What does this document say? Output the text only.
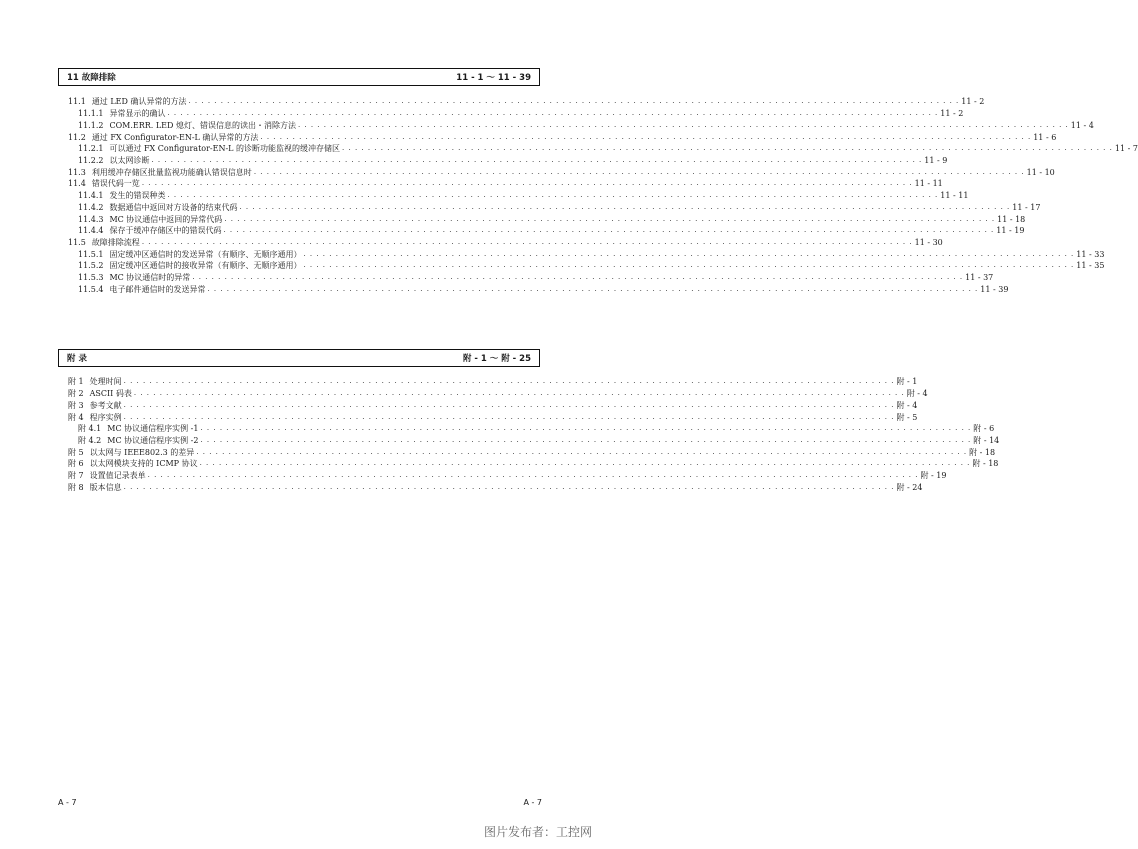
11 故障排除	11 - 1 ～ 11 - 39
11.1 通过 LED 确认异常的方法 . . . . . . . . . . . . . . . . . . . . . . . . . . . . . . . . . . . . . . . . . . . . . . . . . . . . . . . . . . . . . . . . . . . . . . . . . . . . . . . . . . . . . . . . . . . . . . . . . . . . . . . . . . . . . . . . . . . . . . . . 11 - 2
11.1.1 异常显示的确认 . . . . . . . . . . . . . . . . . . . . . . . . . . . . . . . . . . . . . . . . . . . . . . . . . . . . . . . . . . . . . . . . . . . . . . . . . . . . . . . . . . . . . . . . . . . . . . . . . . . . . . . . . . . . . . . . . . . . . . . . 11 - 2
11.1.2 COM.ERR. LED 熄灯、错误信息的读出・消除方法 . . . . . . . . . . . . . . . . . . . . . . . . . . . . . . . . . . . . . . . . . . . . . . . . . . . . . . . . . . . . . . . . . . . . . . . . . . . . . . . . . . . . . . . . . . . . . . . . . . . . . . . . . . . . . . . . . . . . . . . . 11 - 4
11.2 通过 FX Configurator-EN-L 确认异常的方法 . . . . . . . . . . . . . . . . . . . . . . . . . . . . . . . . . . . . . . . . . . . . . . . . . . . . . . . . . . . . . . . . . . . . . . . . . . . . . . . . . . . . . . . . . . . . . . . . . . . . . . . . . . . . . . . . . . . . . . . . 11 - 6
11.2.1 可以通过 FX Configurator-EN-L 的诊断功能监视的缓冲存储区 . . . . . . . . . . . . . . . . . . . . . . . . . . . . . . . . . . . . . . . . . . . . . . . . . . . . . . . . . . . . . . . . . . . . . . . . . . . . . . . . . . . . . . . . . . . . . . . . . . . . . . . . . . . . . . . . . . . . . . . . 11 - 7
11.2.2 以太网诊断 . . . . . . . . . . . . . . . . . . . . . . . . . . . . . . . . . . . . . . . . . . . . . . . . . . . . . . . . . . . . . . . . . . . . . . . . . . . . . . . . . . . . . . . . . . . . . . . . . . . . . . . . . . . . . . . . . . . . . . . . 11 - 9
11.3 利用缓冲存储区批量监视功能确认错误信息时 . . . . . . . . . . . . . . . . . . . . . . . . . . . . . . . . . . . . . . . . . . . . . . . . . . . . . . . . . . . . . . . . . . . . . . . . . . . . . . . . . . . . . . . . . . . . . . . . . . . . . . . . . . . . . . . . . . . . . . . . 11 - 10
11.4 错误代码一览 . . . . . . . . . . . . . . . . . . . . . . . . . . . . . . . . . . . . . . . . . . . . . . . . . . . . . . . . . . . . . . . . . . . . . . . . . . . . . . . . . . . . . . . . . . . . . . . . . . . . . . . . . . . . . . . . . . . . . . . . 11 - 11
11.4.1 发生的错误种类 . . . . . . . . . . . . . . . . . . . . . . . . . . . . . . . . . . . . . . . . . . . . . . . . . . . . . . . . . . . . . . . . . . . . . . . . . . . . . . . . . . . . . . . . . . . . . . . . . . . . . . . . . . . . . . . . . . . . . . . . 11 - 11
11.4.2 数据通信中返回对方设备的结束代码 . . . . . . . . . . . . . . . . . . . . . . . . . . . . . . . . . . . . . . . . . . . . . . . . . . . . . . . . . . . . . . . . . . . . . . . . . . . . . . . . . . . . . . . . . . . . . . . . . . . . . . . . . . . . . . . . . . . . . . . . 11 - 17
11.4.3 MC 协议通信中返回的异常代码 . . . . . . . . . . . . . . . . . . . . . . . . . . . . . . . . . . . . . . . . . . . . . . . . . . . . . . . . . . . . . . . . . . . . . . . . . . . . . . . . . . . . . . . . . . . . . . . . . . . . . . . . . . . . . . . . . . . . . . . . 11 - 18
11.4.4 保存于缓冲存储区中的错误代码 . . . . . . . . . . . . . . . . . . . . . . . . . . . . . . . . . . . . . . . . . . . . . . . . . . . . . . . . . . . . . . . . . . . . . . . . . . . . . . . . . . . . . . . . . . . . . . . . . . . . . . . . . . . . . . . . . . . . . . . . 11 - 19
11.5 故障排除流程 . . . . . . . . . . . . . . . . . . . . . . . . . . . . . . . . . . . . . . . . . . . . . . . . . . . . . . . . . . . . . . . . . . . . . . . . . . . . . . . . . . . . . . . . . . . . . . . . . . . . . . . . . . . . . . . . . . . . . . . . 11 - 30
11.5.1 固定缓冲区通信时的发送异常（有顺序、无顺序通用） . . . . . . . . . . . . . . . . . . . . . . . . . . . . . . . . . . . . . . . . . . . . . . . . . . . . . . . . . . . . . . . . . . . . . . . . . . . . . . . . . . . . . . . . . . . . . . . . . . . . . . . . . . . . . . . . . . . . . . . . 11 - 33
11.5.2 固定缓冲区通信时的接收异常（有顺序、无顺序通用） . . . . . . . . . . . . . . . . . . . . . . . . . . . . . . . . . . . . . . . . . . . . . . . . . . . . . . . . . . . . . . . . . . . . . . . . . . . . . . . . . . . . . . . . . . . . . . . . . . . . . . . . . . . . . . . . . . . . . . . . 11 - 35
11.5.3 MC 协议通信时的异常 . . . . . . . . . . . . . . . . . . . . . . . . . . . . . . . . . . . . . . . . . . . . . . . . . . . . . . . . . . . . . . . . . . . . . . . . . . . . . . . . . . . . . . . . . . . . . . . . . . . . . . . . . . . . . . . . . . . . . . . . 11 - 37
11.5.4 电子邮件通信时的发送异常 . . . . . . . . . . . . . . . . . . . . . . . . . . . . . . . . . . . . . . . . . . . . . . . . . . . . . . . . . . . . . . . . . . . . . . . . . . . . . . . . . . . . . . . . . . . . . . . . . . . . . . . . . . . . . . . . . . . . . . . . 11 - 39
附 录	附 - 1 ～ 附 - 25
附 1 处理时间 . . . . . . . . . . . . . . . . . . . . . . . . . . . . . . . . . . . . . . . . . . . . . . . . . . . . . . . . . . . . . . . . . . . . . . . . . . . . . . . . . . . . . . . . . . . . . . . . . . . . . . . . . . . . . . . . . . . . . . . . 附 - 1
附 2 ASCII 码表 . . . . . . . . . . . . . . . . . . . . . . . . . . . . . . . . . . . . . . . . . . . . . . . . . . . . . . . . . . . . . . . . . . . . . . . . . . . . . . . . . . . . . . . . . . . . . . . . . . . . . . . . . . . . . . . . . . . . . . . . 附 - 4
附 3 参考文献 . . . . . . . . . . . . . . . . . . . . . . . . . . . . . . . . . . . . . . . . . . . . . . . . . . . . . . . . . . . . . . . . . . . . . . . . . . . . . . . . . . . . . . . . . . . . . . . . . . . . . . . . . . . . . . . . . . . . . . . . 附 - 4
附 4 程序实例 . . . . . . . . . . . . . . . . . . . . . . . . . . . . . . . . . . . . . . . . . . . . . . . . . . . . . . . . . . . . . . . . . . . . . . . . . . . . . . . . . . . . . . . . . . . . . . . . . . . . . . . . . . . . . . . . . . . . . . . . 附 - 5
附 4.1 MC 协议通信程序实例 -1 . . . . . . . . . . . . . . . . . . . . . . . . . . . . . . . . . . . . . . . . . . . . . . . . . . . . . . . . . . . . . . . . . . . . . . . . . . . . . . . . . . . . . . . . . . . . . . . . . . . . . . . . . . . . . . . . . . . . . . . . 附 - 6
附 4.2 MC 协议通信程序实例 -2 . . . . . . . . . . . . . . . . . . . . . . . . . . . . . . . . . . . . . . . . . . . . . . . . . . . . . . . . . . . . . . . . . . . . . . . . . . . . . . . . . . . . . . . . . . . . . . . . . . . . . . . . . . . . . . . . . . . . . . . . 附 - 14
附 5 以太网与 IEEE802.3 的差异 . . . . . . . . . . . . . . . . . . . . . . . . . . . . . . . . . . . . . . . . . . . . . . . . . . . . . . . . . . . . . . . . . . . . . . . . . . . . . . . . . . . . . . . . . . . . . . . . . . . . . . . . . . . . . . . . . . . . . . . . 附 - 18
附 6 以太网模块支持的 ICMP 协议 . . . . . . . . . . . . . . . . . . . . . . . . . . . . . . . . . . . . . . . . . . . . . . . . . . . . . . . . . . . . . . . . . . . . . . . . . . . . . . . . . . . . . . . . . . . . . . . . . . . . . . . . . . . . . . . . . . . . . . . . 附 - 18
附 7 设置值记录表单 . . . . . . . . . . . . . . . . . . . . . . . . . . . . . . . . . . . . . . . . . . . . . . . . . . . . . . . . . . . . . . . . . . . . . . . . . . . . . . . . . . . . . . . . . . . . . . . . . . . . . . . . . . . . . . . . . . . . . . . . 附 - 19
附 8 版本信息 . . . . . . . . . . . . . . . . . . . . . . . . . . . . . . . . . . . . . . . . . . . . . . . . . . . . . . . . . . . . . . . . . . . . . . . . . . . . . . . . . . . . . . . . . . . . . . . . . . . . . . . . . . . . . . . . . . . . . . . . 附 - 24
A - 7	A - 7
图片发布者：工控网
